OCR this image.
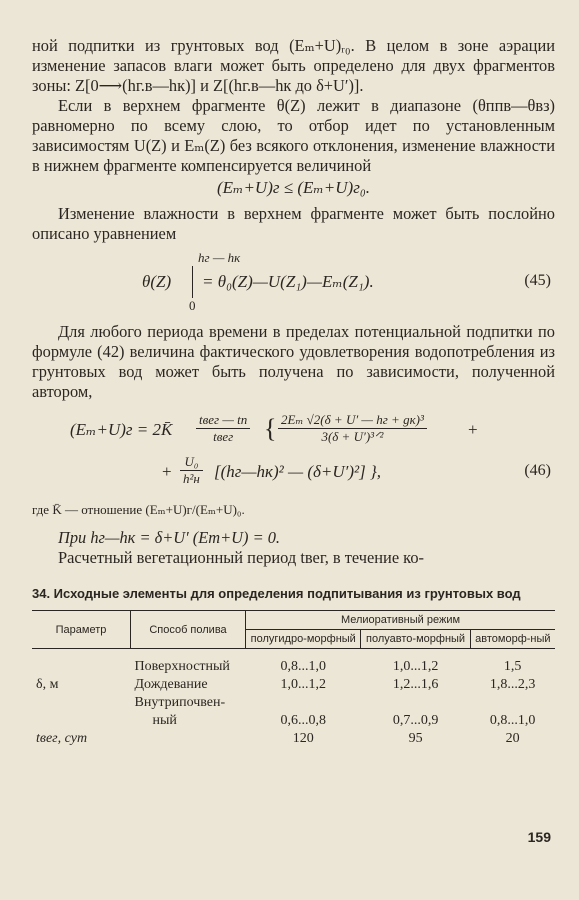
ной подпитки из грунтовых вод (Eₘ+U)ᵣ₀. В целом в зоне аэрации изменение запасов влаги может быть определено для двух фрагментов зоны: Z[0⟶(hг.в—hк)] и Z[(hг.в—hк до δ+U′)].

Если в верхнем фрагменте θ(Z) лежит в диапазоне (θппв—θвз) равномерно по всему слою, то отбор идет по установленным зависимостям U(Z) и Eₘ(Z) без всякого отклонения, изменение влажности в нижнем фрагменте компенсируется величиной

(Eₘ+U)г ≤ (Eₘ+U)г₀.

Изменение влажности в верхнем фрагменте может быть послойно описано уравнением

hг — hк
θ(Z)
0
= θ₀(Z)—U(Z₁)—Eₘ(Z₁).	(45)

Для любого периода времени в пределах потенциальной подпитки по формуле (42) величина фактического удовлетворения водопотребления из грунтовых вод может быть получена по зависимости, полученной автором,

(Eₘ+U)г = 2K̄
tвег — tп
tвег	{ 2Eₘ √2(δ + U′ — hг + gк)³
3(δ + U′)³ᐟ²	+
+
U₀
h²н [(hг—hк)² — (δ+U′)²] },	(46)

где K̄ — отношение (Eₘ+U)г/(Eₘ+U)₀.

При hг—hк = δ+U′ (Eт+U) = 0.

Расчетный вегетационный период tвег, в течение ко-

34. Исходные элементы для определения подпитывания из грунтовых вод
Параметр	Способ полива	Мелиоративный режим		
		полугидро-морфный	полуавто-морфный	автоморф-ный
	Поверхностный	0,8...1,0	1,0...1,2	1,5
δ, м	Дождевание	1,0...1,2	1,2...1,6	1,8...2,3
	Внутрипочвен-			
	ный	0,6...0,8	0,7...0,9	0,8...1,0
tвег, сут		120	95	20
159
